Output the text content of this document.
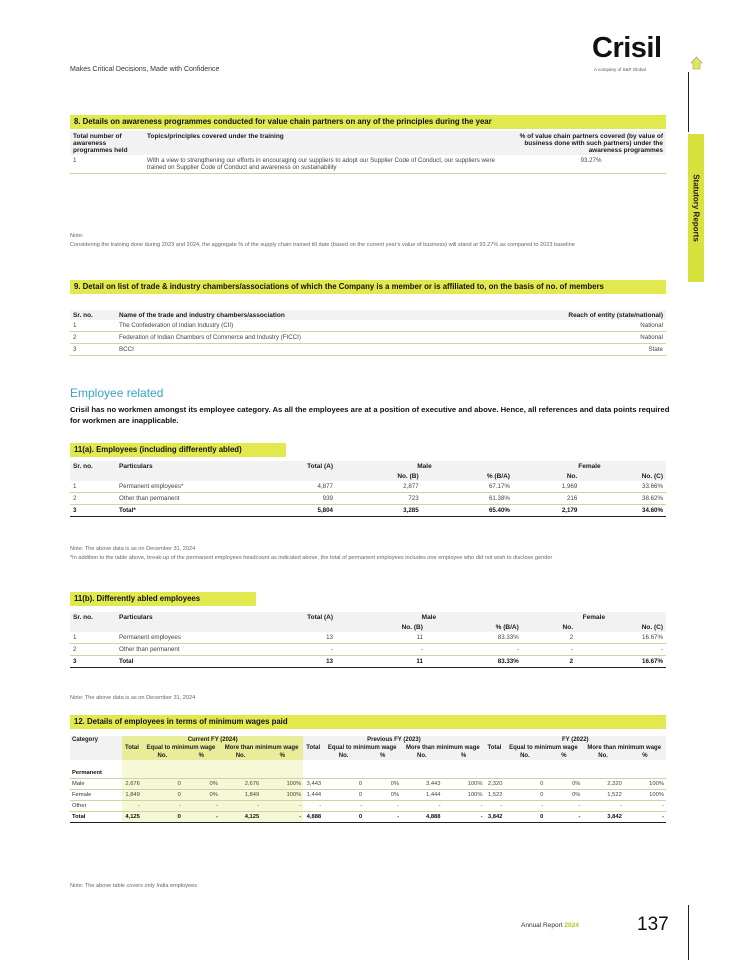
Makes Critical Decisions, Made with Confidence
Crisil
A company of S&P Global
Statutory Reports
8. Details on awareness programmes conducted for value chain partners on any of the principles during the year
Total number of awareness programmes held	Topics/principles covered under the training	% of value chain partners covered (by value of business done with such partners) under the awareness programmes
1	With a view to strengthening our efforts in encouraging our suppliers to adopt our Supplier Code of Conduct, our suppliers were trained on Supplier Code of Conduct and awareness on sustainability	93.27%
Note:
Considering the training done during 2023 and 2024, the aggregate % of the supply chain trained till date (based on the current year's value of business) will stand at 93.27% as compared to 2023 baseline
9. Detail on list of trade & industry chambers/associations of which the Company is a member or is affiliated to, on the basis of no. of members
Sr. no.	Name of the trade and industry chambers/association	Reach of entity (state/national)
1	The Confederation of Indian Industry (CII)	National
2	Federation of Indian Chambers of Commerce and Industry (FICCI)	National
3	BCCI	State
Employee related
Crisil has no workmen amongst its employee category. As all the employees are at a position of executive and above. Hence, all references and data points required for workmen are inapplicable.
11(a). Employees (including differently abled)
Sr. no.	Particulars	Total (A)	Male		Female	
			No. (B)	% (B/A)	No.	No. (C)
1	Permanent employees*	4,877	2,877	67.17%	1,969	33.66%
2	Other than permanent	939	723	61.38%	216	38.62%
3	Total*	5,804	3,285	65.40%	2,179	34.60%
Note: The above data is as on December 31, 2024
*In addition to the table above, break-up of the permanent employees headcount as indicated above, the total of permanent employees includes one employee who did not wish to disclose gender
11(b). Differently abled employees
Sr. no.	Particulars	Total (A)	Male		Female	
			No. (B)	% (B/A)	No.	No. (C)
1	Permanent employees	13	11	83.33%	2	16.67%
2	Other than permanent	-	-	-	-	-
3	Total	13	11	83.33%	2	16.67%
Note: The above data is as on December 31, 2024
12. Details of employees in terms of minimum wages paid
Category	Current FY (2024)					Previous FY (2023)					FY (2022)				
	Total	Equal to minimum wage		More than minimum wage		Total	Equal to minimum wage		More than minimum wage		Total	Equal to minimum wage		More than minimum wage	
		No.	%	No.	%		No.	%	No.	%		No.	%	No.	%
Permanent															
Male	2,676	0	0%	2,676	100%	3,443	0	0%	3,443	100%	2,320	0	0%	2,320	100%
Female	1,849	0	0%	1,849	100%	1,444	0	0%	1,444	100%	1,522	0	0%	1,522	100%
Other	-	-	-	-	-	-	-	-	-	-	-	-	-	-	-
Total	4,125	0	-	4,125	-	4,888	0	-	4,888	-	3,842	0	-	3,842	-
Note: The above table covers only India employees
Annual Report 2024	137
